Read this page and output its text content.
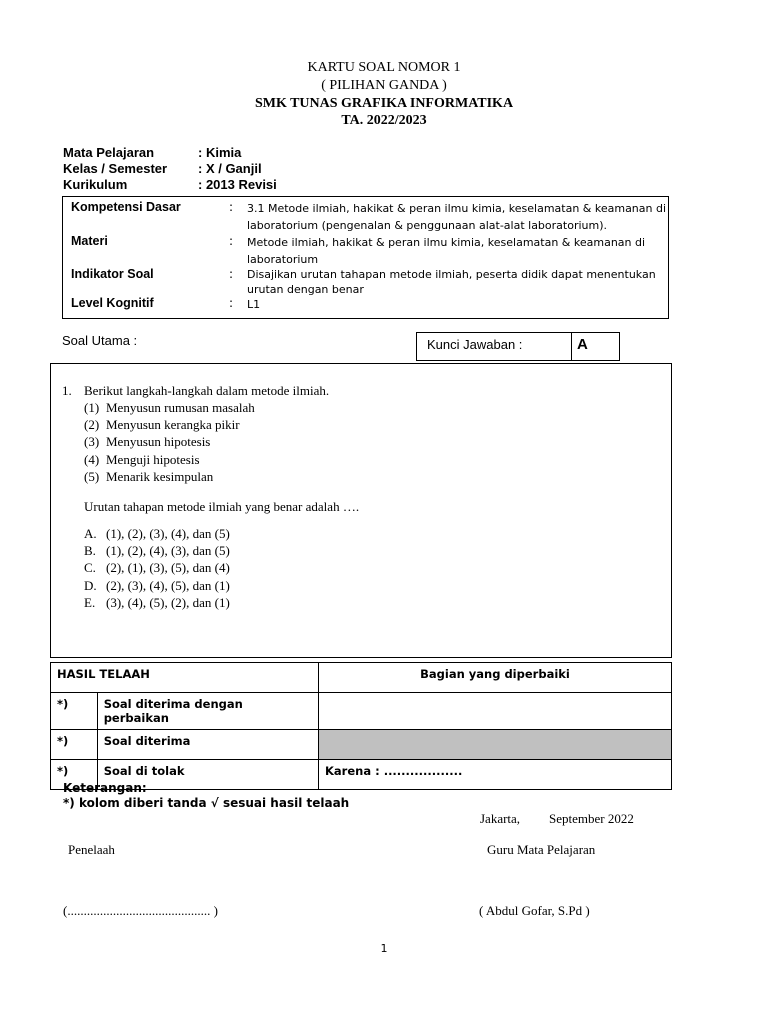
KARTU SOAL NOMOR 1
( PILIHAN GANDA )
SMK TUNAS GRAFIKA INFORMATIKA
TA. 2022/2023
Mata Pelajaran	: Kimia
Kelas / Semester : X / Ganjil
Kurikulum	: 2013 Revisi
Kompetensi Dasar	: 3.1 Metode ilmiah, hakikat & peran ilmu kimia, keselamatan & keamanan di
laboratorium (pengenalan & penggunaan alat-alat laboratorium).
Materi	: Metode ilmiah, hakikat & peran ilmu kimia, keselamatan & keamanan di
laboratorium
Indikator Soal	: Disajikan urutan tahapan metode ilmiah, peserta didik dapat menentukan
urutan dengan benar
Level Kognitif	: L1
Soal Utama :	Kunci Jawaban :	A
1. Berikut langkah-langkah dalam metode ilmiah.
(1) Menyusun rumusan masalah
(2) Menyusun kerangka pikir
(3) Menyusun hipotesis
(4) Menguji hipotesis
(5) Menarik kesimpulan
Urutan tahapan metode ilmiah yang benar adalah ….
A. (1), (2), (3), (4), dan (5)
B. (1), (2), (4), (3), dan (5)
C. (2), (1), (3), (5), dan (4)
D. (2), (3), (4), (5), dan (1)
E. (3), (4), (5), (2), dan (1)
HASIL TELAAH		Bagian yang diperbaiki
*)	Soal diterima dengan perbaikan	
*)	Soal diterima	
*)	Soal di tolak	Karena : ..................
Keterangan:
*) kolom diberi tanda √ sesuai hasil telaah
Jakarta, September 2022
Penelaah	Guru Mata Pelajaran
(............................................ )	( Abdul Gofar, S.Pd )
1
